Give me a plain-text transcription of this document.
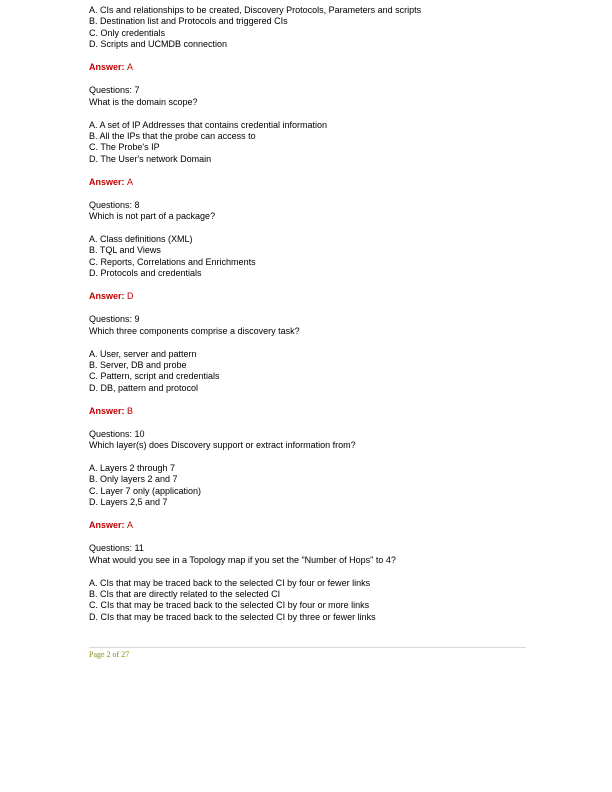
A. CIs and relationships to be created, Discovery Protocols, Parameters and scripts
B. Destination list and Protocols and triggered CIs
C. Only credentials
D. Scripts and UCMDB connection
Answer: A
Questions: 7
What is the domain scope?
A. A set of IP Addresses that contains credential information
B. All the IPs that the probe can access to
C. The Probe's IP
D. The User's network Domain
Answer: A
Questions: 8
Which is not part of a package?
A. Class definitions (XML)
B. TQL and Views
C. Reports, Correlations and Enrichments
D. Protocols and credentials
Answer: D
Questions: 9
Which three components comprise a discovery task?
A. User, server and pattern
B. Server, DB and probe
C. Pattern, script and credentials
D. DB, pattern and protocol
Answer: B
Questions: 10
Which layer(s) does Discovery support or extract information from?
A. Layers 2 through 7
B. Only layers 2 and 7
C. Layer 7 only (application)
D. Layers 2,5 and 7
Answer: A
Questions: 11
What would you see in a Topology map if you set the "Number of Hops" to 4?
A. CIs that may be traced back to the selected CI by four or fewer links
B. CIs that are directly related to the selected CI
C. CIs that may be traced back to the selected CI by four or more links
D. CIs that may be traced back to the selected CI by three or fewer links
Page 2 of 27
